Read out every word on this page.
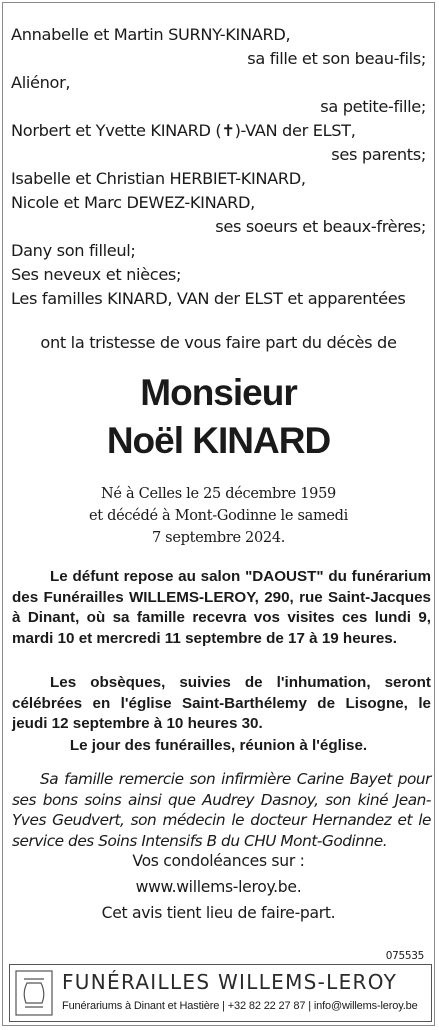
Annabelle et Martin SURNY-KINARD,
sa fille et son beau-fils;
Aliénor,
sa petite-fille;
Norbert et Yvette KINARD (✝)-VAN der ELST,
ses parents;
Isabelle et Christian HERBIET-KINARD,
Nicole et Marc DEWEZ-KINARD,
ses soeurs et beaux-frères;
Dany son filleul;
Ses neveux et nièces;
Les familles KINARD, VAN der ELST et apparentées
ont la tristesse de vous faire part du décès de
Monsieur
Noël KINARD
Né à Celles le 25 décembre 1959
et décédé à Mont-Godinne le samedi
7 septembre 2024.
Le défunt repose au salon "DAOUST" du funérarium des Funérailles WILLEMS-LEROY, 290, rue Saint-Jacques à Dinant, où sa famille recevra vos visites ces lundi 9, mardi 10 et mercredi 11 septembre de 17 à 19 heures.
Les obsèques, suivies de l'inhumation, seront célébrées en l'église Saint-Barthélemy de Lisogne, le jeudi 12 septembre à 10 heures 30.
Le jour des funérailles, réunion à l'église.
Sa famille remercie son infirmière Carine Bayet pour ses bons soins ainsi que Audrey Dasnoy, son kiné Jean-Yves Geudvert, son médecin le docteur Hernandez et le service des Soins Intensifs B du CHU Mont-Godinne.
Vos condoléances sur :
www.willems-leroy.be.
Cet avis tient lieu de faire-part.
075535
FUNÉRAILLES WILLEMS-LEROY
Funérariums à Dinant et Hastière | +32 82 22 27 87 | info@willems-leroy.be
